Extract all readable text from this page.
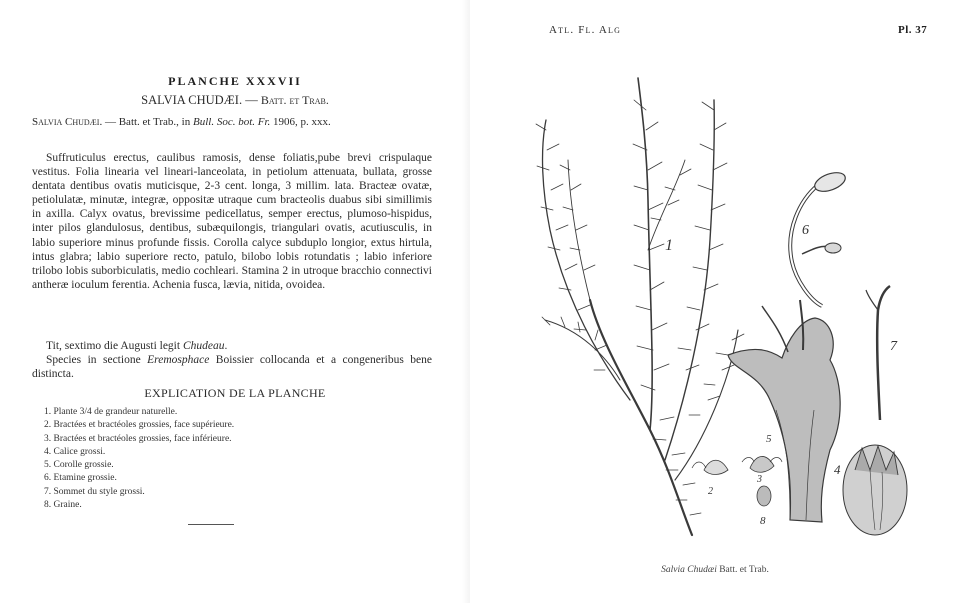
PLANCHE XXXVII
SALVIA CHUDÆI. — Batt. et Trab.
Salvia Chudæi. — Batt. et Trab., in Bull. Soc. bot. Fr. 1906, p. xxx.

Suffruticulus erectus, caulibus ramosis, dense foliatis,pube brevi crispulaque vestitus. Folia linearia vel lineari-lanceolata, in petiolum attenuata, bullata, grosse dentata dentibus ovatis muticisque, 2-3 cent. longa, 3 millim. lata. Bracteæ ovatæ, petiolulatæ, minutæ, integræ, oppositæ utraque cum bracteolis duabus sibi simillimis in axilla. Calyx ovatus, brevissime pedicellatus, semper erectus, plumoso-hispidus, inter pilos glandulosus, dentibus, subæquilongis, triangulari ovatis, acutiusculis, in labio superiore minus profunde fissis. Corolla calyce subduplo longior, extus hirtula, intus glabra; labio superiore recto, patulo, bilobo lobis rotundatis ; labio inferiore trilobo lobis suborbiculatis, medio cochleari. Stamina 2 in utroque bracchio connectivi antheræ ioculum ferentia. Achenia fusca, lævia, nitida, ovoidea.

Tit, sextimo die Augusti legit Chudeau.

Species in sectione Eremosphace Boissier collocanda et a congeneribus bene distincta.

EXPLICATION DE LA PLANCHE
1. Plante 3/4 de grandeur naturelle.
2. Bractées et bractéoles grossies, face supérieure.
3. Bractées et bractéoles grossies, face inférieure.
4. Calice grossi.
5. Corolle grossie.
6. Etamine grossie.
7. Sommet du style grossi.
8. Graine.
Atl. Fl. Alg	Pl. 37
1
2
3
4
5
6
7
8
Salvia Chudæi Batt. et Trab.
